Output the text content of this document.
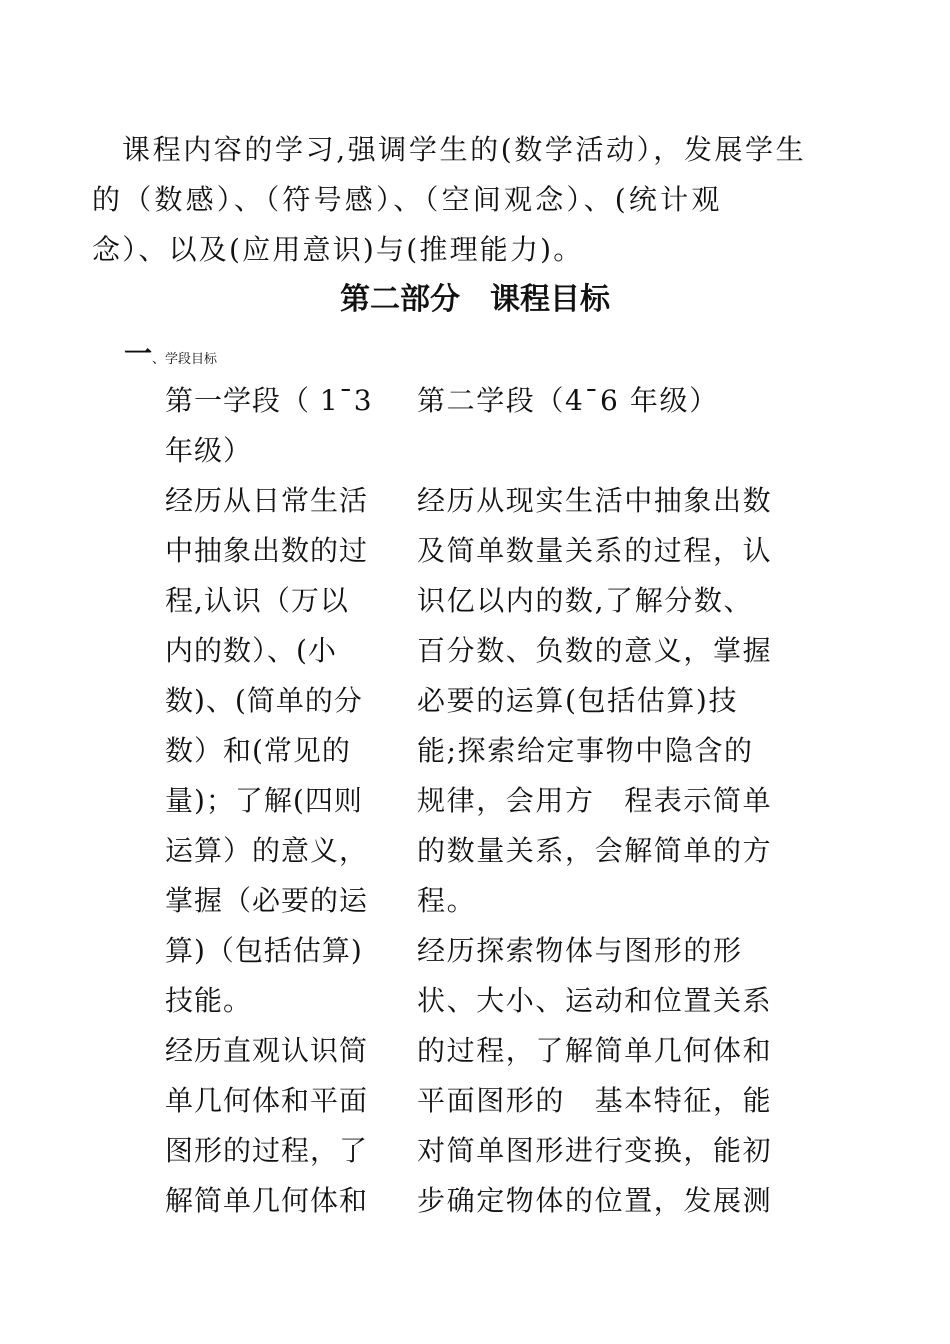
课程内容的学习,强调学生的(数学活动），发展学生
的（数感）、（符号感）、（空间观念）、(统计观
念）、以及(应用意识)与(推理能力)。
第二部分　课程目标
一、学段目标
第一学段（ 1¯3
年级）
经历从日常生活
中抽象出数的过
程,认识（万以
内的数）、(小
数)、(简单的分
数）和(常见的
量)；了解(四则
运算）的意义，
掌握（必要的运
算)（包括估算)
技能。
经历直观认识简
单几何体和平面
图形的过程，了
解简单几何体和
第二学段（4¯6 年级）

经历从现实生活中抽象出数
及简单数量关系的过程，认
识亿以内的数,了解分数、
百分数、负数的意义，掌握
必要的运算(包括估算)技
能;探索给定事物中隐含的
规律，会用方　程表示简单
的数量关系，会解简单的方
程。
经历探索物体与图形的形
状、大小、运动和位置关系
的过程，了解简单几何体和
平面图形的　基本特征，能
对简单图形进行变换，能初
步确定物体的位置，发展测
